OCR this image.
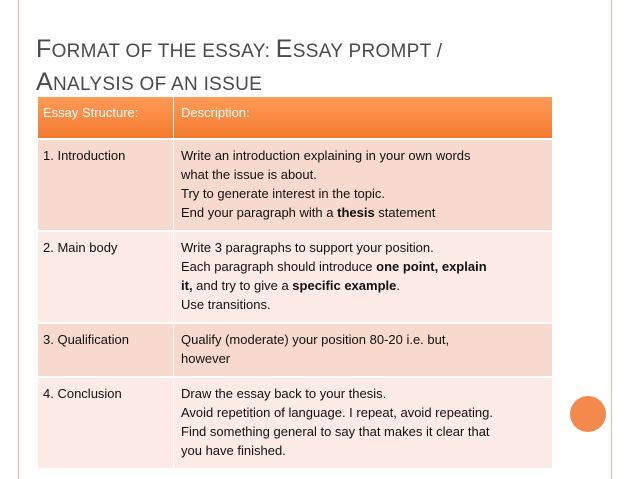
FORMAT OF THE ESSAY: ESSAY PROMPT /
ANALYSIS OF AN ISSUE
Essay Structure:	Description:
1. Introduction	Write an introduction explaining in your own words
what the issue is about.
Try to generate interest in the topic.
End your paragraph with a thesis statement

2. Main body	Write 3 paragraphs to support your position.
Each paragraph should introduce one point, explain
it, and try to give a specific example.
Use transitions.

3. Qualification	Qualify (moderate) your position 80-20 i.e. but,
however

4. Conclusion	Draw the essay back to your thesis.
Avoid repetition of language. I repeat, avoid repeating.
Find something general to say that makes it clear that
you have finished.
